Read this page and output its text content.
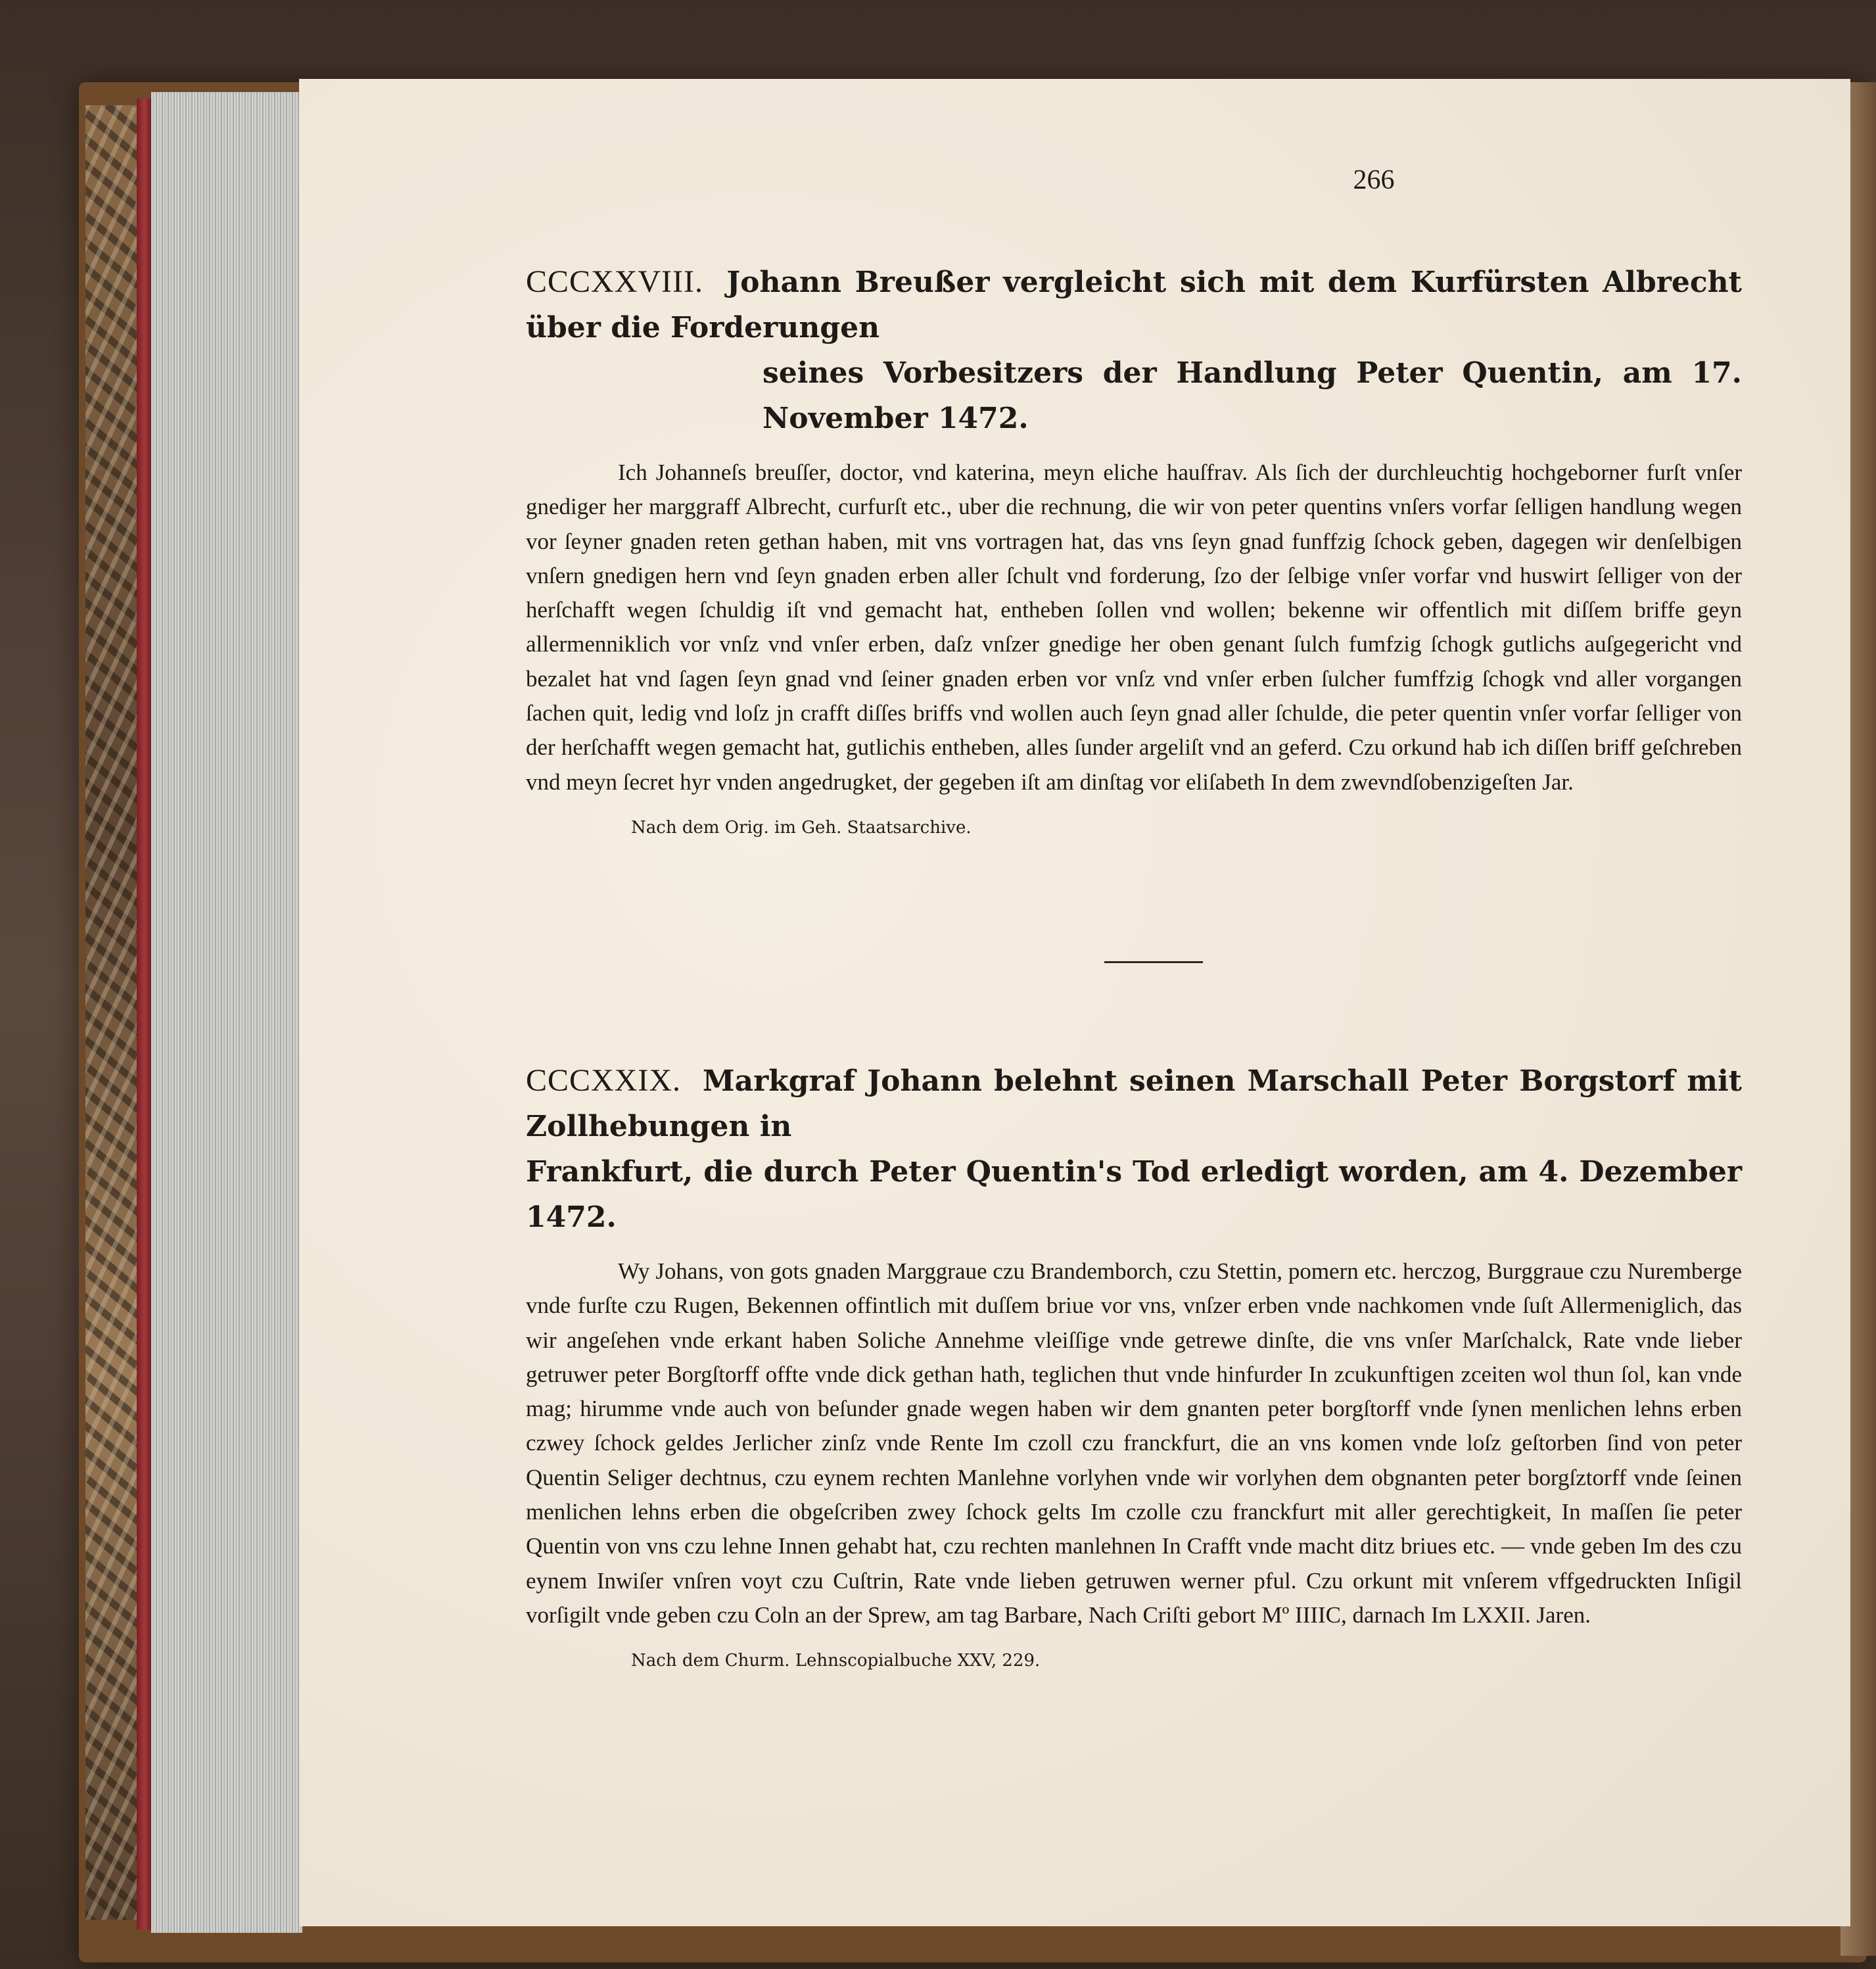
266
CCCXXVIII. Johann Breußer vergleicht sich mit dem Kurfürsten Albrecht über die Forderungen
seines Vorbesitzers der Handlung Peter Quentin, am 17. November 1472.

Ich Johanneſs breuſſer, doctor, vnd katerina, meyn eliche hauſfrav. Als ſich der durchleuchtig hochgeborner furſt vnſer gnediger her marggraff Albrecht, curfurſt etc., uber die rechnung, die wir von peter quentins vnſers vorfar ſelligen handlung wegen vor ſeyner gnaden reten gethan haben, mit vns vortragen hat, das vns ſeyn gnad funffzig ſchock geben, dagegen wir denſelbigen vnſern gnedigen hern vnd ſeyn gnaden erben aller ſchult vnd forderung, ſzo der ſelbige vnſer vorfar vnd huswirt ſelliger von der herſchafft wegen ſchuldig iſt vnd gemacht hat, entheben ſollen vnd wollen; bekenne wir offentlich mit diſſem briffe geyn allermenniklich vor vnſz vnd vnſer erben, daſz vnſzer gnedige her oben genant ſulch fumfzig ſchogk gutlichs auſgegericht vnd bezalet hat vnd ſagen ſeyn gnad vnd ſeiner gnaden erben vor vnſz vnd vnſer erben ſulcher fumffzig ſchogk vnd aller vorgangen ſachen quit, ledig vnd loſz jn crafft diſſes briffs vnd wollen auch ſeyn gnad aller ſchulde, die peter quentin vnſer vorfar ſelliger von der herſchafft wegen gemacht hat, gutlichis entheben, alles ſunder argeliſt vnd an geferd. Czu orkund hab ich diſſen briff geſchreben vnd meyn ſecret hyr vnden angedrugket, der gegeben iſt am dinſtag vor eliſabeth In dem zwevndſobenzigeſten Jar.

Nach dem Orig. im Geh. Staatsarchive.
CCCXXIX. Markgraf Johann belehnt seinen Marschall Peter Borgstorf mit Zollhebungen in
Frankfurt, die durch Peter Quentin's Tod erledigt worden, am 4. Dezember 1472.

Wy Johans, von gots gnaden Marggraue czu Brandemborch, czu Stettin, pomern etc. herczog, Burggraue czu Nuremberge vnde furſte czu Rugen, Bekennen offintlich mit duſſem briue vor vns, vnſzer erben vnde nachkomen vnde ſuſt Allermeniglich, das wir angeſehen vnde erkant haben Soliche Annehme vleiſſige vnde getrewe dinſte, die vns vnſer Marſchalck, Rate vnde lieber getruwer peter Borgſtorff offte vnde dick gethan hath, teglichen thut vnde hinfurder In zcukunftigen zceiten wol thun ſol, kan vnde mag; hirumme vnde auch von beſunder gnade wegen haben wir dem gnanten peter borgſtorff vnde ſynen menlichen lehns erben czwey ſchock geldes Jerlicher zinſz vnde Rente Im czoll czu franckfurt, die an vns komen vnde loſz geſtorben ſind von peter Quentin Seliger dechtnus, czu eynem rechten Manlehne vorlyhen vnde wir vorlyhen dem obgnanten peter borgſztorff vnde ſeinen menlichen lehns erben die obgeſcriben zwey ſchock gelts Im czolle czu franckfurt mit aller gerechtigkeit, In maſſen ſie peter Quentin von vns czu lehne Innen gehabt hat, czu rechten manlehnen In Crafft vnde macht ditz briues etc. — vnde geben Im des czu eynem Inwiſer vnſren voyt czu Cuſtrin, Rate vnde lieben getruwen werner pful. Czu orkunt mit vnſerem vffgedruckten Inſigil vorſigilt vnde geben czu Coln an der Sprew, am tag Barbare, Nach Criſti gebort Mº IIIIC, darnach Im LXXII. Jaren.

Nach dem Churm. Lehnscopialbuche XXV, 229.
